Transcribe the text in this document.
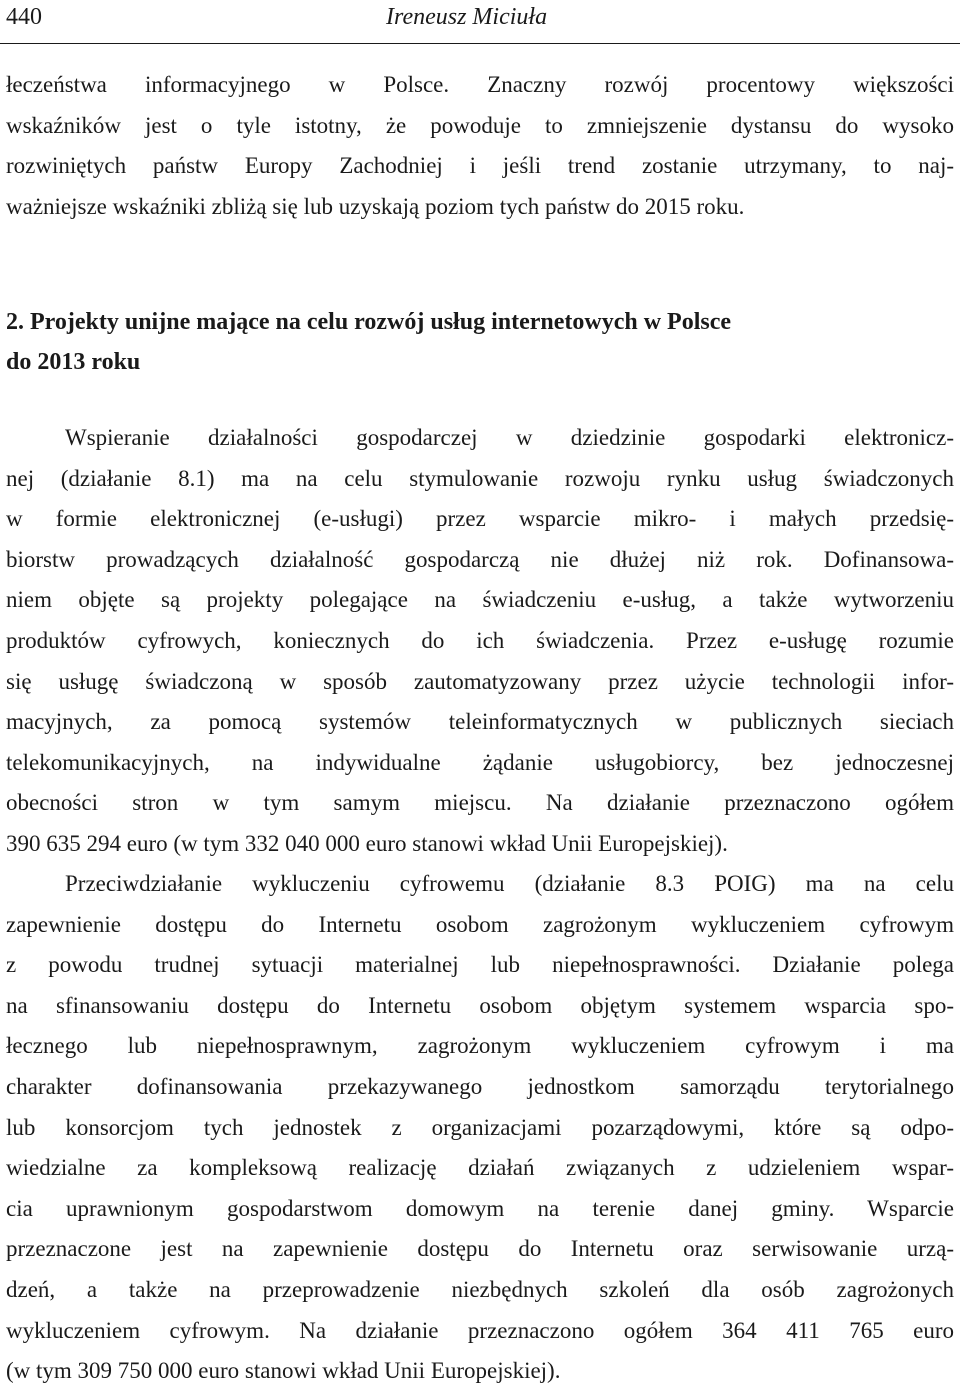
440	Ireneusz Miciuła
łeczeństwa informacyjnego w Polsce. Znaczny rozwój procentowy większości
wskaźników jest o tyle istotny, że powoduje to zmniejszenie dystansu do wysoko
rozwiniętych państw Europy Zachodniej i jeśli trend zostanie utrzymany, to naj-
ważniejsze wskaźniki zbliżą się lub uzyskają poziom tych państw do 2015 roku.
2. Projekty unijne mające na celu rozwój usług internetowych w Polsce
do 2013 roku
Wspieranie działalności gospodarczej w dziedzinie gospodarki elektronicz-
nej (działanie 8.1) ma na celu stymulowanie rozwoju rynku usług świadczonych
w formie elektronicznej (e-usługi) przez wsparcie mikro- i małych przedsię-
biorstw prowadzących działalność gospodarczą nie dłużej niż rok. Dofinansowa-
niem objęte są projekty polegające na świadczeniu e-usług, a także wytworzeniu
produktów cyfrowych, koniecznych do ich świadczenia. Przez e-usługę rozumie
się usługę świadczoną w sposób zautomatyzowany przez użycie technologii infor-
macyjnych, za pomocą systemów teleinformatycznych w publicznych sieciach
telekomunikacyjnych, na indywidualne żądanie usługobiorcy, bez jednoczesnej
obecności stron w tym samym miejscu. Na działanie przeznaczono ogółem
390 635 294 euro (w tym 332 040 000 euro stanowi wkład Unii Europejskiej).
Przeciwdziałanie wykluczeniu cyfrowemu (działanie 8.3 POIG) ma na celu
zapewnienie dostępu do Internetu osobom zagrożonym wykluczeniem cyfrowym
z powodu trudnej sytuacji materialnej lub niepełnosprawności. Działanie polega
na sfinansowaniu dostępu do Internetu osobom objętym systemem wsparcia spo-
łecznego lub niepełnosprawnym, zagrożonym wykluczeniem cyfrowym i ma
charakter dofinansowania przekazywanego jednostkom samorządu terytorialnego
lub konsorcjom tych jednostek z organizacjami pozarządowymi, które są odpo-
wiedzialne za kompleksową realizację działań związanych z udzieleniem wspar-
cia uprawnionym gospodarstwom domowym na terenie danej gminy. Wsparcie
przeznaczone jest na zapewnienie dostępu do Internetu oraz serwisowanie urzą-
dzeń, a także na przeprowadzenie niezbędnych szkoleń dla osób zagrożonych
wykluczeniem cyfrowym. Na działanie przeznaczono ogółem 364 411 765 euro
(w tym 309 750 000 euro stanowi wkład Unii Europejskiej).
